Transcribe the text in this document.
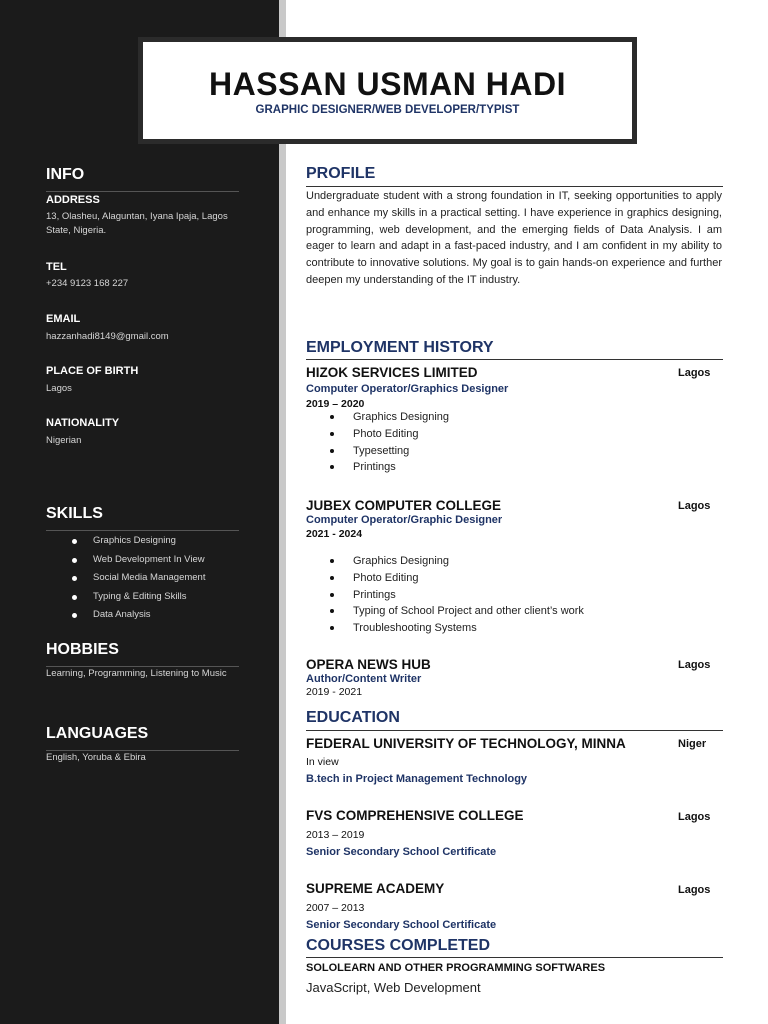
INFO
ADDRESS
13, Olasheu, Alaguntan, Iyana Ipaja, Lagos State, Nigeria.
TEL
+234 9123 168 227
EMAIL
hazzanhadi8149@gmail.com
PLACE OF BIRTH
Lagos
NATIONALITY
Nigerian
SKILLS
Graphics Designing
Web Development In View
Social Media Management
Typing & Editing Skills
Data Analysis
HOBBIES
Learning, Programming, Listening to Music
LANGUAGES
English, Yoruba & Ebira
HASSAN USMAN HADI
GRAPHIC DESIGNER/WEB DEVELOPER/TYPIST
PROFILE
Undergraduate student with a strong foundation in IT, seeking opportunities to apply and enhance my skills in a practical setting. I have experience in graphics designing, programming, web development, and the emerging fields of Data Analysis. I am eager to learn and adapt in a fast-paced industry, and I am confident in my ability to contribute to innovative solutions. My goal is to gain hands-on experience and further deepen my understanding of the IT industry.
EMPLOYMENT HISTORY
HIZOK SERVICES LIMITED	Lagos
Computer Operator/Graphics Designer
2019 – 2020
Graphics Designing
Photo Editing
Typesetting
Printings
JUBEX COMPUTER COLLEGE	Lagos
Computer Operator/Graphic Designer
2021 - 2024
Graphics Designing
Photo Editing
Printings
Typing of School Project and other client’s work
Troubleshooting Systems
OPERA NEWS HUB	Lagos
Author/Content Writer
2019 - 2021
EDUCATION
FEDERAL UNIVERSITY OF TECHNOLOGY, MINNA	Niger
In view
B.tech in Project Management Technology
FVS COMPREHENSIVE COLLEGE	Lagos
2013 – 2019
Senior Secondary School Certificate
SUPREME ACADEMY	Lagos
2007 – 2013
Senior Secondary School Certificate
COURSES COMPLETED
SOLOLEARN AND OTHER PROGRAMMING SOFTWARES
JavaScript, Web Development
